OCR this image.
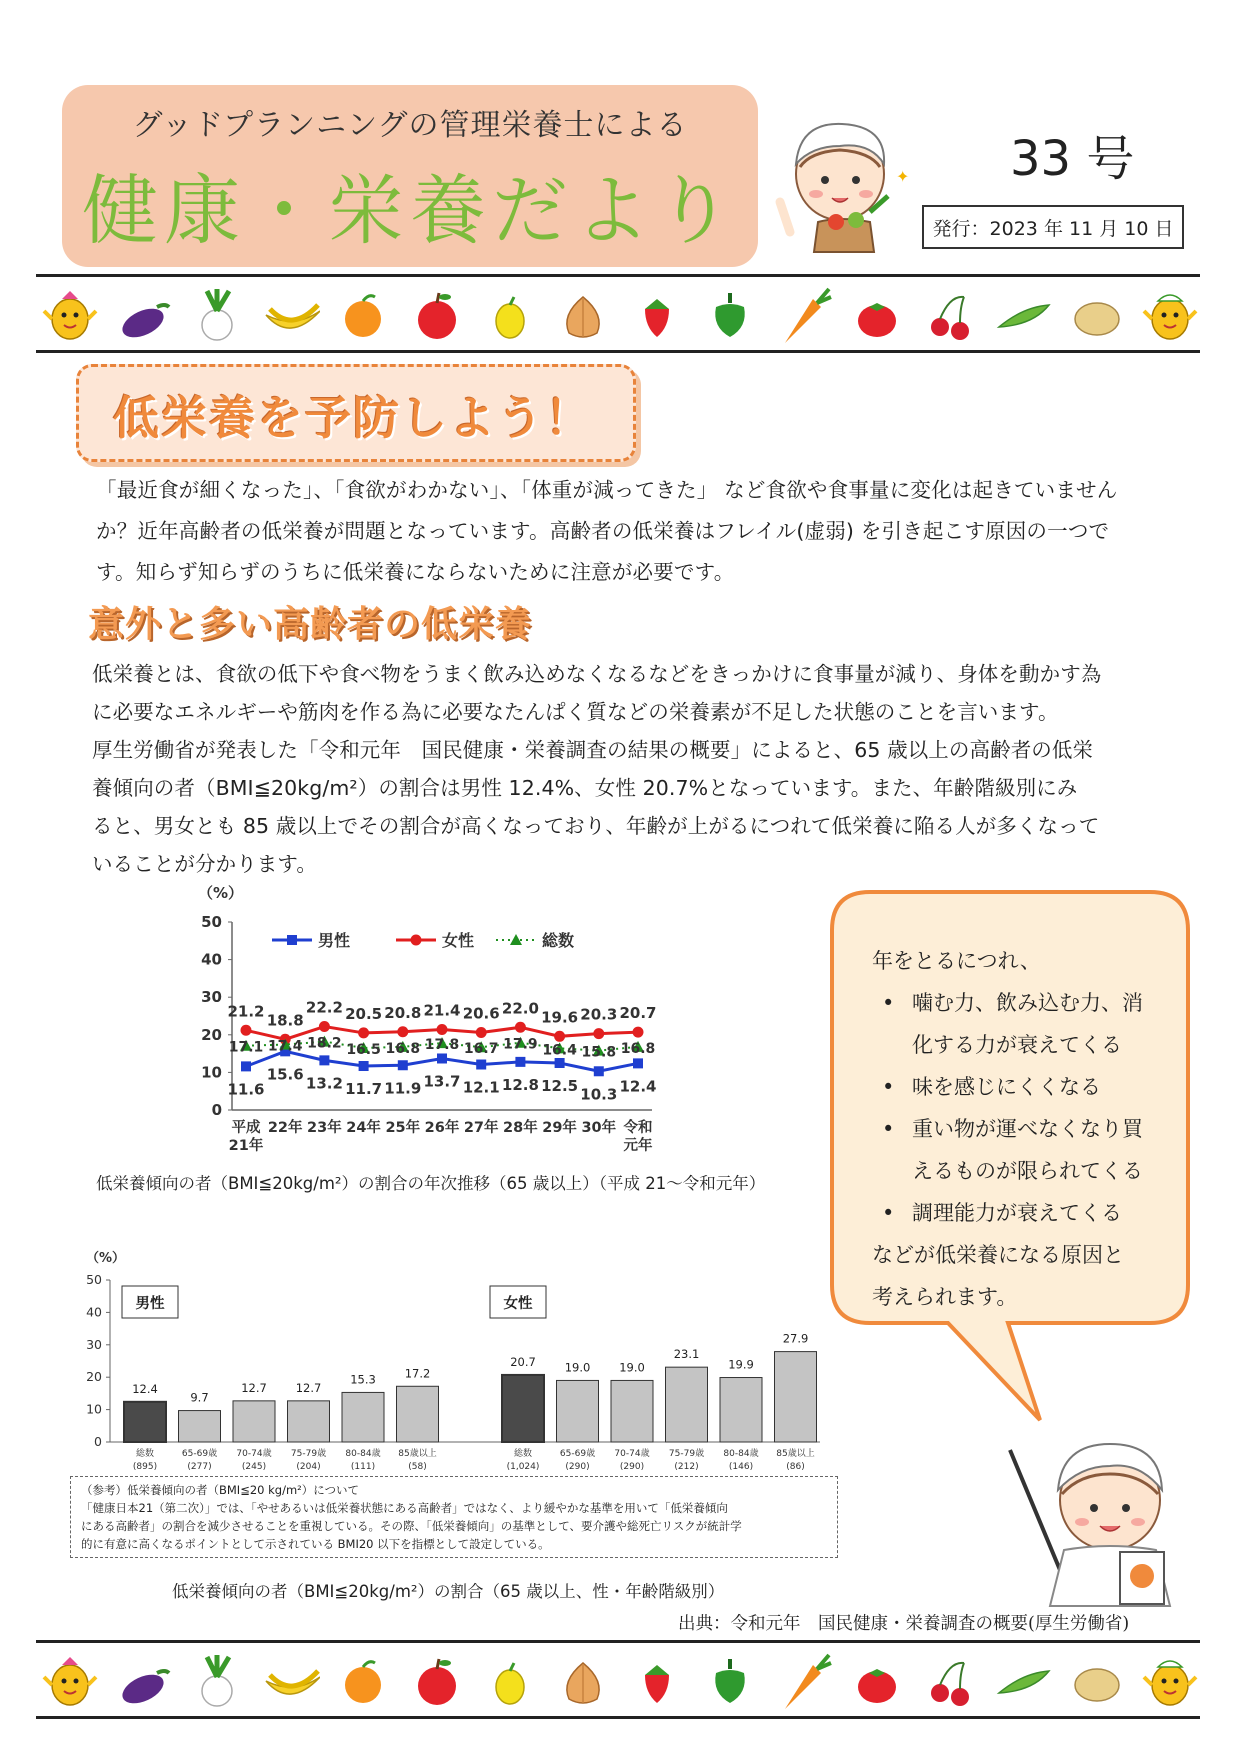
グッドプランニングの管理栄養士による
健康・栄養だより	✦ 33 号
発行：2023 年 11 月 10 日
低栄養を予防しよう！
「最近食が細くなった」、「食欲がわかない」、「体重が減ってきた」 など食欲や食事量に変化は起きていません
か？近年高齢者の低栄養が問題となっています。高齢者の低栄養はフレイル(虚弱) を引き起こす原因の一つで
す。知らず知らずのうちに低栄養にならないために注意が必要です。
意外と多い高齢者の低栄養
低栄養とは、食欲の低下や食べ物をうまく飲み込めなくなるなどをきっかけに食事量が減り、身体を動かす為
に必要なエネルギーや筋肉を作る為に必要なたんぱく質などの栄養素が不足した状態のことを言います。
厚生労働省が発表した「令和元年　国民健康・栄養調査の結果の概要」によると、65 歳以上の高齢者の低栄
養傾向の者（BMI≦20kg/m²）の割合は男性 12.4%、女性 20.7%となっています。また、年齢階級別にみ
ると、男女とも 85 歳以上でその割合が高くなっており、年齢が上がるにつれて低栄養に陥る人が多くなって
いることが分かります。
（%）
0
10
20
30
40
50
平成
21年
22年 23年 24年 25年 26年 27年 28年 29年 30年 令和
元年
11.6
15.6
13.2 11.7 11.9 13.7 12.1 12.8 12.5 10.3 12.4
21.2
18.8
22.2 20.5 20.8 21.4 20.6 22.0
19.6 20.3 20.7
17.1 17.4 18.2 16.5 16.8 17.8 16.7 17.9 16.4 15.8 16.8
男性	女性	総数
低栄養傾向の者（BMI≦20kg/m²）の割合の年次推移（65 歳以上）（平成 21～令和元年）
年をとるにつれ、
• 噛む力、飲み込む力、消
化する力が衰えてくる
• 味を感じにくくなる
• 重い物が運べなくなり買
えるものが限られてくる
• 調理能力が衰えてくる
などが低栄養になる原因と
考えられます。
（%）
0
10
20
30
40
50
男性
12.4
総数
(895)
9.7
65-69歳
(277)
12.7
70-74歳
(245)
12.7
75-79歳
(204)
15.3
80-84歳
(111)
17.2
85歳以上
(58)
女性
20.7
総数
(1,024)
19.0
65-69歳
(290)
19.0
70-74歳
(290)
23.1
75-79歳
(212)
19.9
80-84歳
(146)
27.9
85歳以上
(86)
（参考）低栄養傾向の者（BMI≦20 kg/m²）について
「健康日本21（第二次）」では、「やせあるいは低栄養状態にある高齢者」ではなく、より緩やかな基準を用いて「低栄養傾向
にある高齢者」の割合を減少させることを重視している。その際、「低栄養傾向」の基準として、要介護や総死亡リスクが統計学
的に有意に高くなるポイントとして示されている BMI20 以下を指標として設定している。
低栄養傾向の者（BMI≦20kg/m²）の割合（65 歳以上、性・年齢階級別）
出典：令和元年　国民健康・栄養調査の概要(厚生労働省)
